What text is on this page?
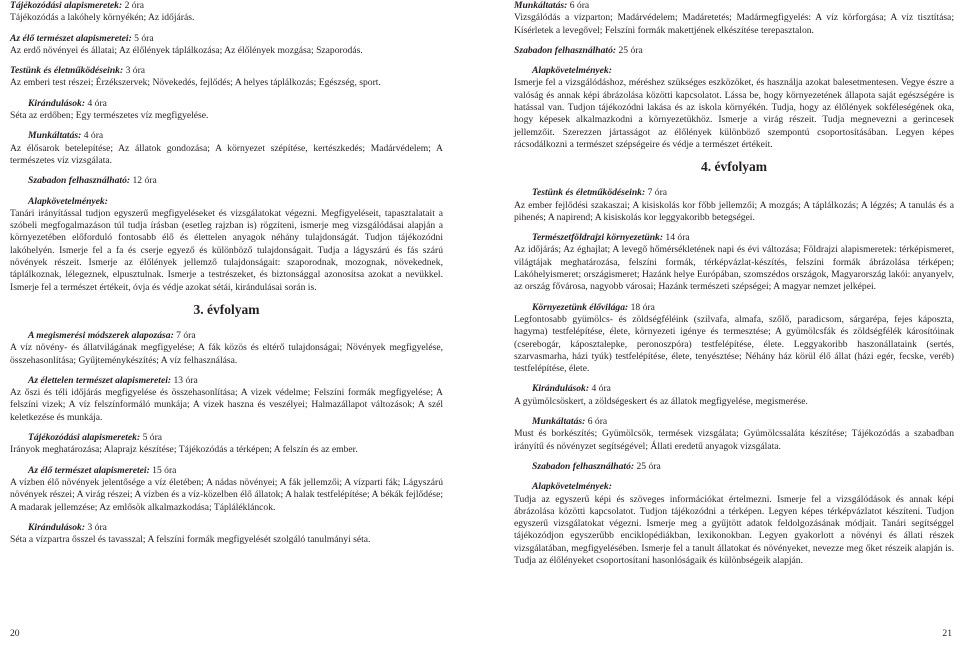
Tájékozódási alapismeretek: 2 óra
Tájékozódás a lakóhely környékén; Az időjárás.
Az élő természet alapismeretei: 5 óra
Az erdő növényei és állatai; Az élőlények táplálkozása; Az élőlények mozgása; Szaporodás.
Testünk és életműködéseink: 3 óra
Az emberi test részei; Érzékszervek; Növekedés, fejlődés; A helyes táplálkozás; Egészség, sport.
Kirándulások: 4 óra
Séta az erdőben; Egy természetes víz megfigyelése.
Munkáltatás: 4 óra
Az élősarok betelepítése; Az állatok gondozása; A környezet szépítése, kertészkedés; Madárvédelem; A természetes víz vizsgálata.
Szabadon felhasználható: 12 óra
Alapkövetelmények:
Tanári irányítással tudjon egyszerű megfigyeléseket és vizsgálatokat végezni. Megfigyeléseit, tapasztalatait a szóbeli megfogalmazáson túl tudja írásban (esetleg rajzban is) rögzíteni, ismerje meg vizsgálódásai alapján a környezetében előforduló fontosabb élő és élettelen anyagok néhány tulajdonságát. Tudjon tájékozódni lakóhelyén. Ismerje fel a fa és cserje egyező és különböző tulajdonságait. Tudja a lágyszárú és fás szárú növények részeit. Ismerje az élőlények jellemző tulajdonságait: szaporodnak, mozognak, növekednek, táplálkoznak, lélegeznek, elpusztulnak. Ismerje a testrészeket, és biztonsággal azonosítsa azokat a nevükkel. Ismerje fel a természet értékeit, óvja és védje azokat sétái, kirándulásai során is.
3. évfolyam
A megismerési módszerek alapozása: 7 óra
A víz növény- és állatvilágának megfigyelése; A fák közös és eltérő tulajdonságai; Növények megfigyelése, összehasonlítása; Gyűjteménykészítés; A víz felhasználása.
Az élettelen természet alapismeretei: 13 óra
Az őszi és téli időjárás megfigyelése és összehasonlítása; A vizek védelme; Felszíni formák megfigyelése; A felszíni vizek; A víz felszínformáló munkája; A vizek haszna és veszélyei; Halmazállapot változások; A szél keletkezése és munkája.
Tájékozódási alapismeretek: 5 óra
Irányok meghatározása; Alaprajz készítése; Tájékozódás a térképen; A felszín és az ember.
Az élő természet alapismeretei: 15 óra
A vízben élő növények jelentősége a víz életében; A nádas növényei; A fák jellemzői; A vízparti fák; Lágyszárú növények részei; A virág részei; A vízben és a víz-közelben élő állatok; A halak testfelépítése; A békák fejlődése; A madarak jellemzése; Az emlősök alkalmazkodása; Táplálékláncok.
Kirándulások: 3 óra
Séta a vízpartra ősszel és tavasszal; A felszíni formák megfigyelését szolgáló tanulmányi séta.
Munkáltatás: 6 óra
Vizsgálódás a vízparton; Madárvédelem; Madáretetés; Madármegfigyelés: A víz körforgása; A víz tisztítása; Kísérletek a levegővel; Felszíni formák makettjének elkészítése terepasztalon.
Szabadon felhasználható: 25 óra
Alapkövetelmények:
Ismerje fel a vizsgálódáshoz, méréshez szükséges eszközöket, és használja azokat balesetmentesen. Vegye észre a valóság és annak képi ábrázolása közötti kapcsolatot. Lássa be, hogy környezetének állapota saját egészségére is hatással van. Tudjon tájékozódni lakása és az iskola környékén. Tudja, hogy az élőlények sokféleségének oka, hogy képesek alkalmazkodni a környezetükhöz. Ismerje a virág részeit. Tudja megnevezni a gerincesek jellemzőit. Szerezzen jártasságot az élőlények különböző szempontú csoportosításában. Legyen képes rácsodálkozni a természet szépségeire és védje a természet értékeit.
4. évfolyam
Testünk és életműködéseink: 7 óra
Az ember fejlődési szakaszai; A kisiskolás kor főbb jellemzői; A mozgás; A táplálkozás; A légzés; A tanulás és a pihenés; A napirend; A kisiskolás kor leggyakoribb betegségei.
Természetföldrajzi környezetünk: 14 óra
Az időjárás; Az éghajlat; A levegő hőmérsékletének napi és évi változása; Földrajzi alapismeretek: térképismeret, világtájak meghatározása, felszíni formák, térképvázlat-készítés, felszíni formák ábrázolása térképen; Lakóhelyismeret; országismeret; Hazánk helye Európában, szomszédos országok, Magyarország lakói: anyanyelv, az ország fővárosa, nagyobb városai; Hazánk természeti szépségei; A magyar nemzet jelképei.
Környezetünk élővilága: 18 óra
Legfontosabb gyümölcs- és zöldségféléink (szilvafa, almafa, szőlő, paradicsom, sárgarépa, fejes káposzta, hagyma) testfelépítése, élete, környezeti igénye és termesztése; A gyümölcsfák és zöldségfélék károsítóinak (cserebogár, káposztalepke, peronoszpóra) testfelépítése, élete. Leggyakoribb haszonállataink (sertés, szarvasmarha, házi tyúk) testfelépítése, élete, tenyésztése; Néhány ház körül élő állat (házi egér, fecske, veréb) testfelépítése, élete.
Kirándulások: 4 óra
A gyümölcsöskert, a zöldségeskert és az állatok megfigyelése, megismerése.
Munkáltatás: 6 óra
Must és borkészítés; Gyümölcsök, termések vizsgálata; Gyümölcssaláta készítése; Tájékozódás a szabadban irányítű és növényzet segítségével; Állati eredetű anyagok vizsgálata.
Szabadon felhasználható: 25 óra
Alapkövetelmények:
Tudja az egyszerű képi és szöveges információkat értelmezni. Ismerje fel a vizsgálódások és annak képi ábrázolása közötti kapcsolatot. Tudjon tájékozódni a térképen. Legyen képes térképvázlatot készíteni. Tudjon egyszerű vizsgálatokat végezni. Ismerje meg a gyűjtött adatok feldolgozásának módjait. Tanári segítséggel tájékozódjon egyszerűbb enciklopédiákban, lexikonokban. Legyen gyakorlott a növényi és állati részek vizsgálatában, megfigyelésében. Ismerje fel a tanult állatokat és növényeket, nevezze meg őket részeik alapján is. Tudja az élőlényeket csoportosítani hasonlóságaik és különbségeik alapján.
20	21
